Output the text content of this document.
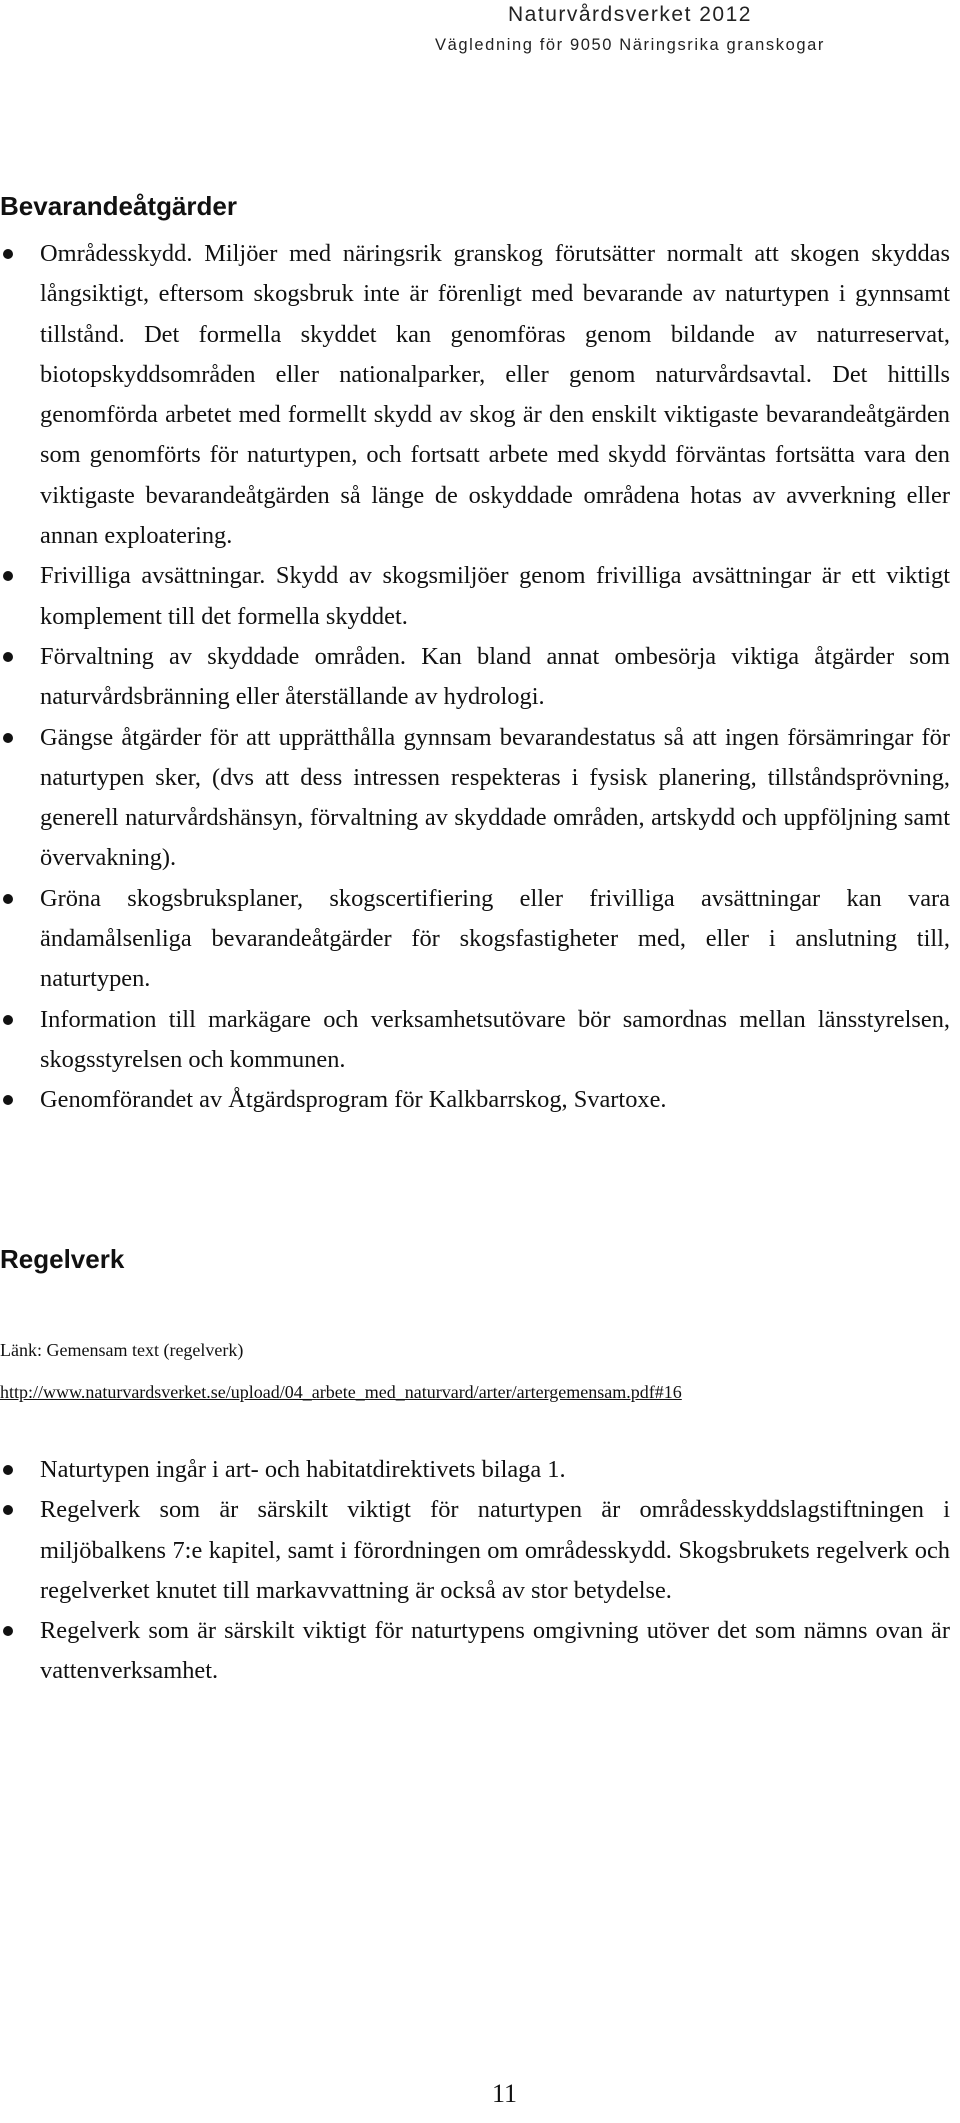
Naturvårdsverket 2012
Vägledning för 9050 Näringsrika granskogar
Bevarandeåtgärder
Områdesskydd. Miljöer med näringsrik granskog förutsätter normalt att skogen skyddas långsiktigt, eftersom skogsbruk inte är förenligt med bevarande av naturtypen i gynnsamt tillstånd. Det formella skyddet kan genomföras genom bildande av naturreservat, biotopskyddsområden eller nationalparker, eller genom naturvårdsavtal. Det hittills genomförda arbetet med formellt skydd av skog är den enskilt viktigaste bevarandeåtgärden som genomförts för naturtypen, och fortsatt arbete med skydd förväntas fortsätta vara den viktigaste bevarandeåtgärden så länge de oskyddade områdena hotas av avverkning eller annan exploatering.
Frivilliga avsättningar. Skydd av skogsmiljöer genom frivilliga avsättningar är ett viktigt komplement till det formella skyddet.
Förvaltning av skyddade områden. Kan bland annat ombesörja viktiga åtgärder som naturvårdsbränning eller återställande av hydrologi.
Gängse åtgärder för att upprätthålla gynnsam bevarandestatus så att ingen försämringar för naturtypen sker, (dvs att dess intressen respekteras i fysisk planering, tillståndsprövning, generell naturvårdshänsyn, förvaltning av skyddade områden, artskydd och uppföljning samt övervakning).
Gröna skogsbruksplaner, skogscertifiering eller frivilliga avsättningar kan vara ändamålsenliga bevarandeåtgärder för skogsfastigheter med, eller i anslutning till, naturtypen.
Information till markägare och verksamhetsutövare bör samordnas mellan länsstyrelsen, skogsstyrelsen och kommunen.
Genomförandet av Åtgärdsprogram för Kalkbarrskog, Svartoxe.
Regelverk
Länk: Gemensam text (regelverk)
http://www.naturvardsverket.se/upload/04_arbete_med_naturvard/arter/artergemensam.pdf#16
Naturtypen ingår i art- och habitatdirektivets bilaga 1.
Regelverk som är särskilt viktigt för naturtypen är områdesskyddslagstiftningen i miljöbalkens 7:e kapitel, samt i förordningen om områdesskydd. Skogsbrukets regelverk och regelverket knutet till markavvattning är också av stor betydelse.
Regelverk som är särskilt viktigt för naturtypens omgivning utöver det som nämns ovan är vattenverksamhet.
11
